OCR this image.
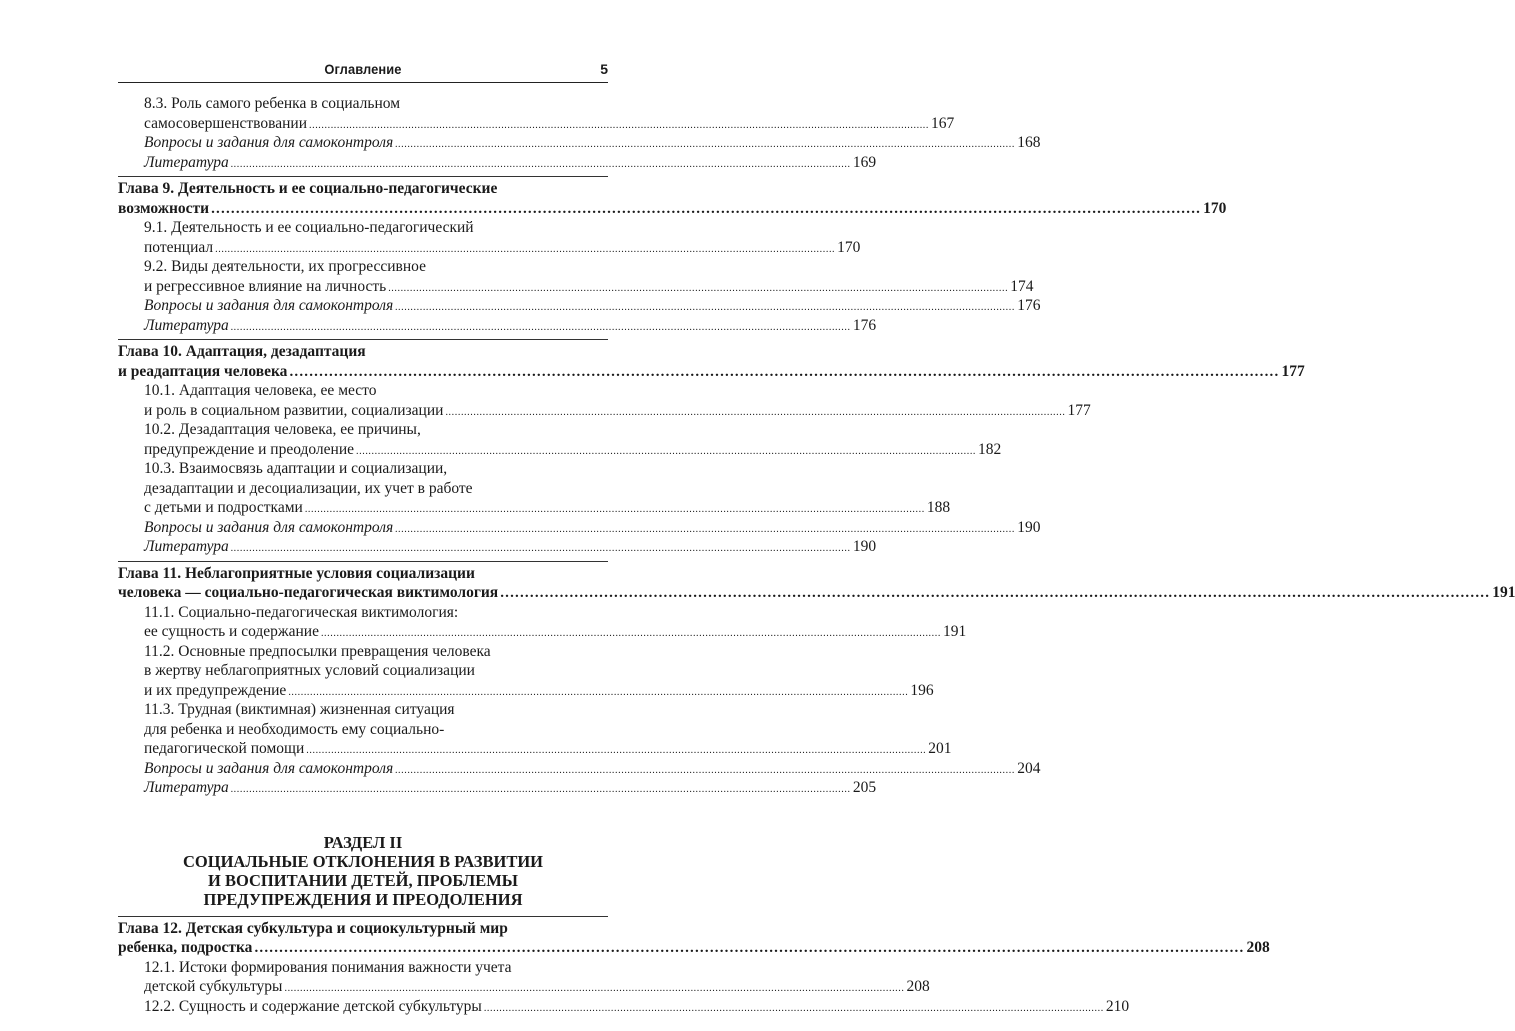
Оглавление	5
8.3. Роль самого ребенка в социальном
самосовершенствовании ........................................................................................................................................................................................................ 167
Вопросы и задания для самоконтроля ........................................................................................................................................................................................................ 168
Литература ........................................................................................................................................................................................................ 169
Глава 9. Деятельность и ее социально-педагогические
возможности ........................................................................................................................................................................................................ 170
9.1. Деятельность и ее социально-педагогический
потенциал ........................................................................................................................................................................................................ 170
9.2. Виды деятельности, их прогрессивное
и регрессивное влияние на личность ........................................................................................................................................................................................................ 174
Вопросы и задания для самоконтроля ........................................................................................................................................................................................................ 176
Литература ........................................................................................................................................................................................................ 176
Глава 10. Адаптация, дезадаптация
и реадаптация человека ........................................................................................................................................................................................................ 177
10.1. Адаптация человека, ее место
и роль в социальном развитии, социализации ........................................................................................................................................................................................................ 177
10.2. Дезадаптация человека, ее причины,
предупреждение и преодоление ........................................................................................................................................................................................................ 182
10.3. Взаимосвязь адаптации и социализации,
дезадаптации и десоциализации, их учет в работе
с детьми и подростками ........................................................................................................................................................................................................ 188
Вопросы и задания для самоконтроля ........................................................................................................................................................................................................ 190
Литература ........................................................................................................................................................................................................ 190
Глава 11. Неблагоприятные условия социализации
человека — социально-педагогическая виктимология ........................................................................................................................................................................................................ 191
11.1. Социально-педагогическая виктимология:
ее сущность и содержание ........................................................................................................................................................................................................ 191
11.2. Основные предпосылки превращения человека
в жертву неблагоприятных условий социализации
и их предупреждение ........................................................................................................................................................................................................ 196
11.3. Трудная (виктимная) жизненная ситуация
для ребенка и необходимость ему социально-
педагогической помощи ........................................................................................................................................................................................................ 201
Вопросы и задания для самоконтроля ........................................................................................................................................................................................................ 204
Литература ........................................................................................................................................................................................................ 205
РАЗДЕЛ II
СОЦИАЛЬНЫЕ ОТКЛОНЕНИЯ В РАЗВИТИИ
И ВОСПИТАНИИ ДЕТЕЙ, ПРОБЛЕМЫ
ПРЕДУПРЕЖДЕНИЯ И ПРЕОДОЛЕНИЯ
Глава 12. Детская субкультура и социокультурный мир
ребенка, подростка ........................................................................................................................................................................................................ 208
12.1. Истоки формирования понимания важности учета
детской субкультуры ........................................................................................................................................................................................................ 208
12.2. Сущность и содержание детской субкультуры ........................................................................................................................................................................................................ 210
